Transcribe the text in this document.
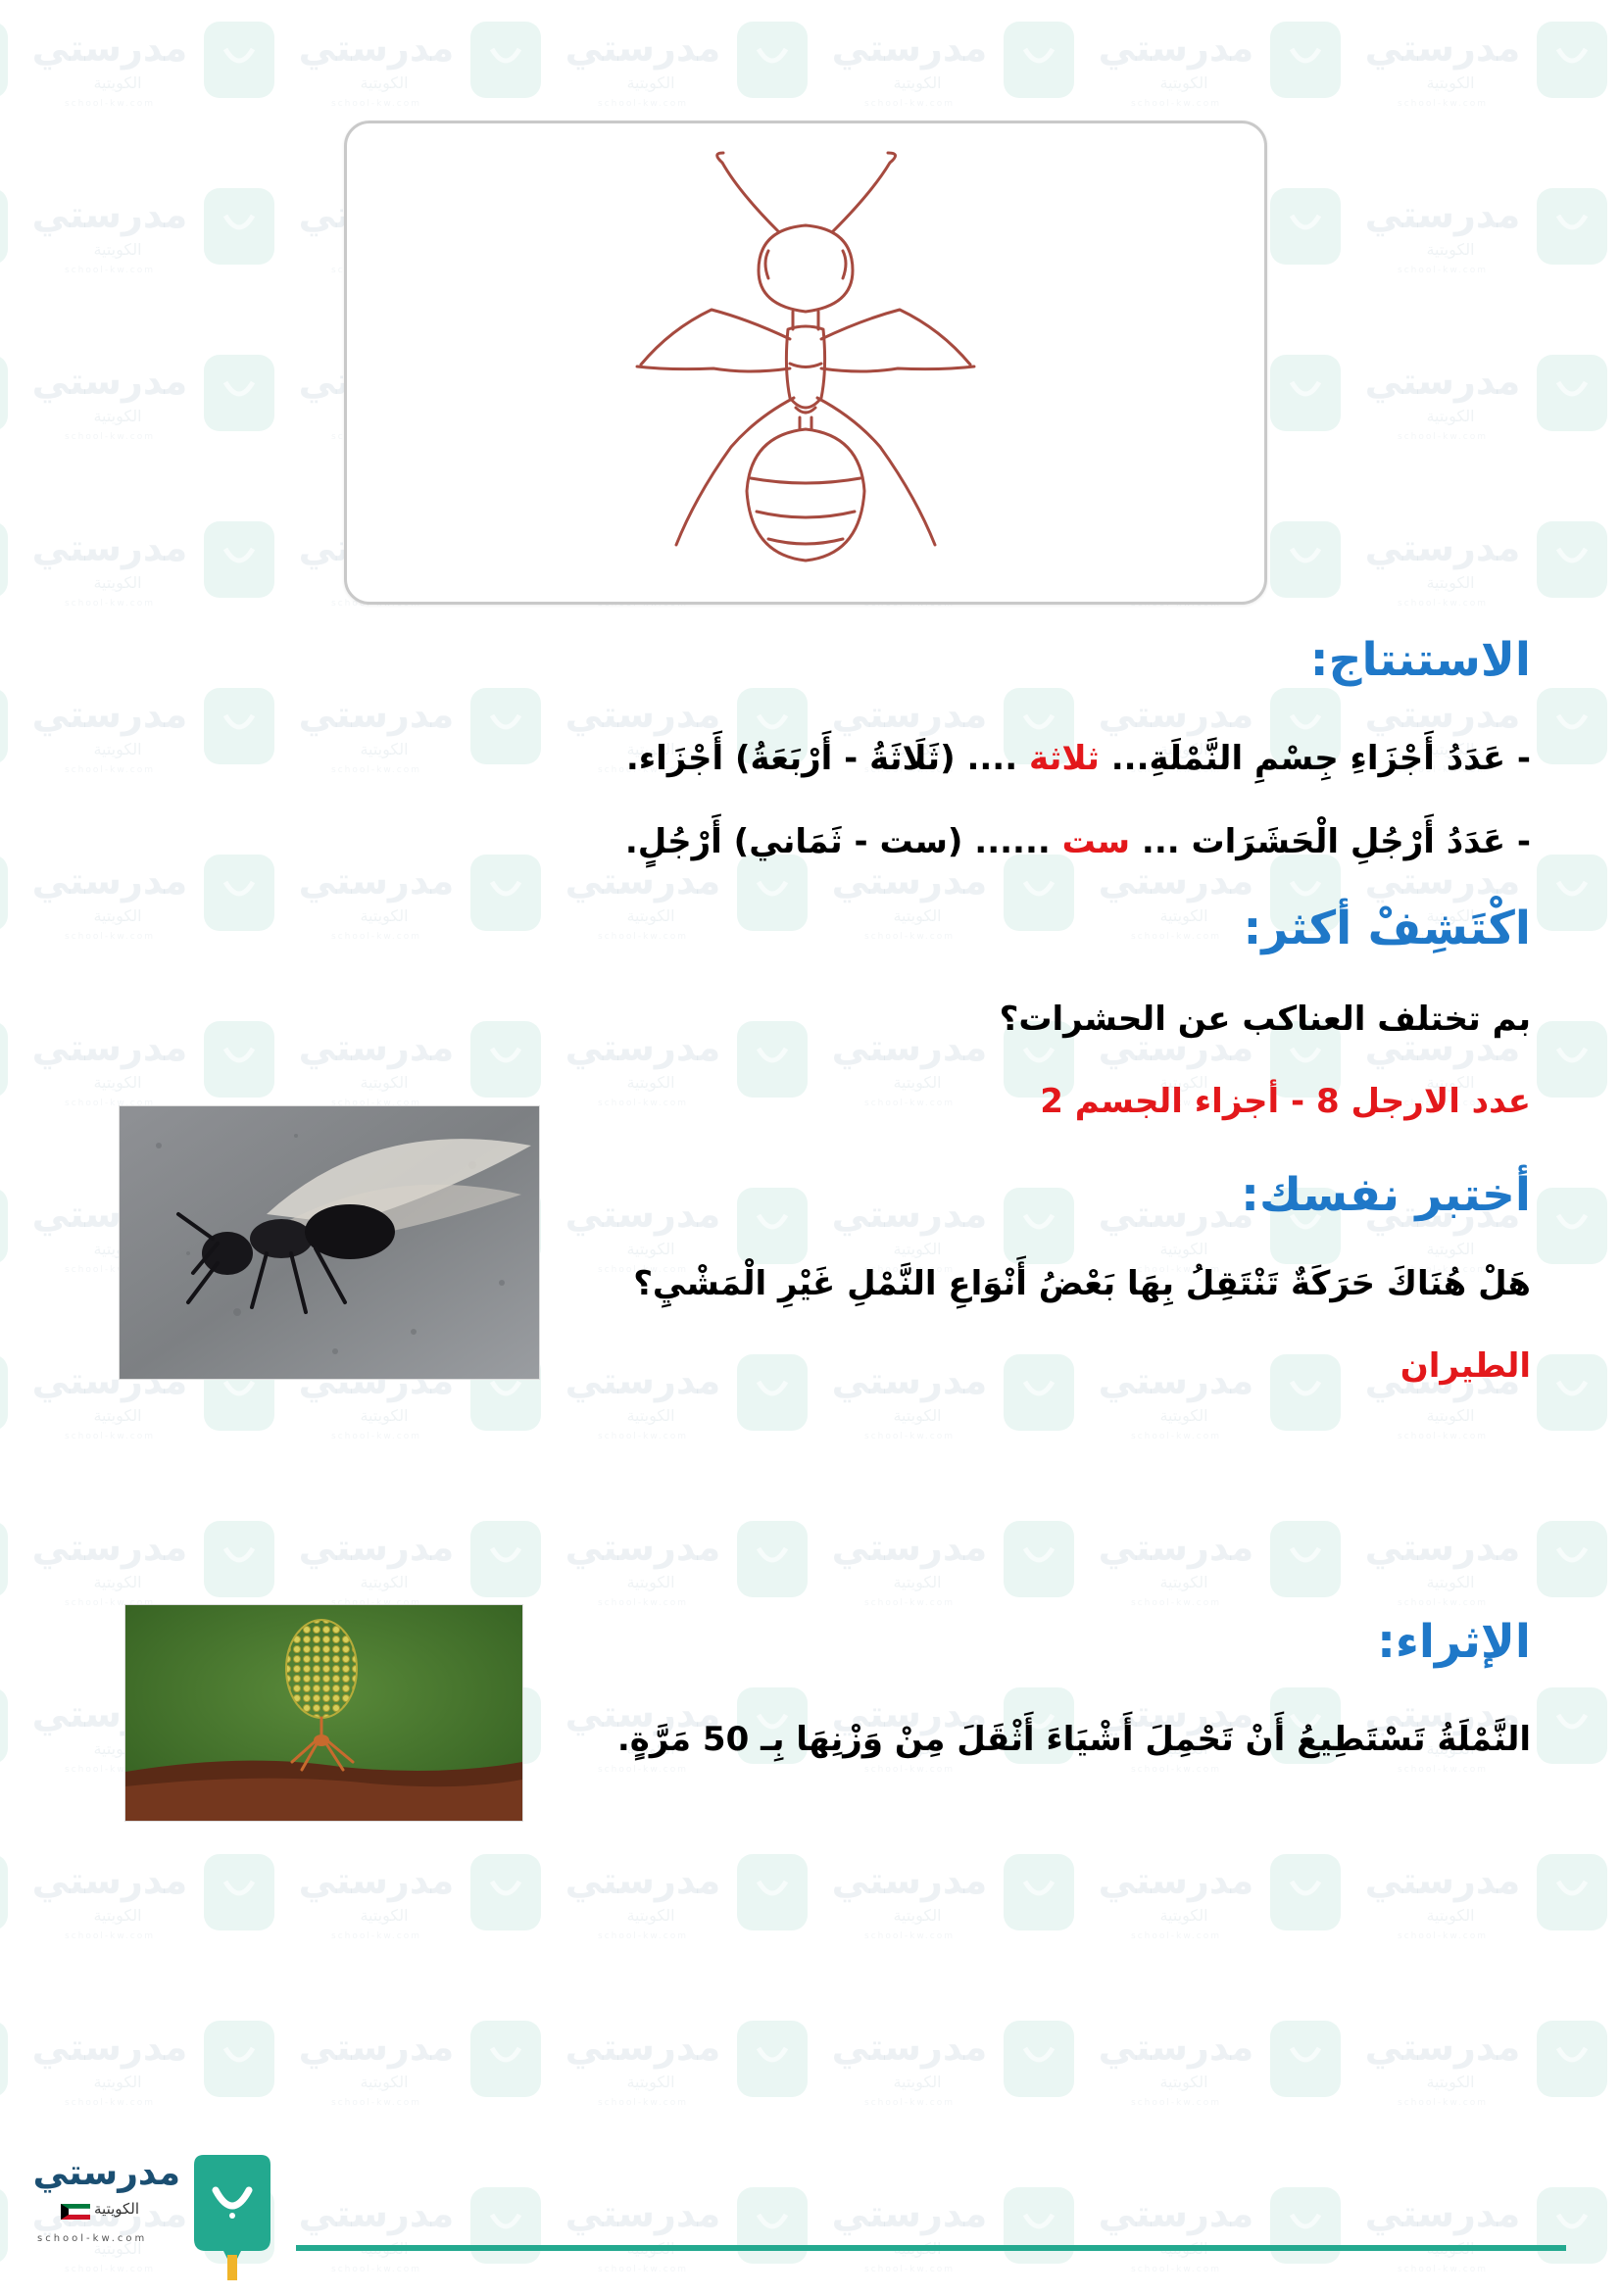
الاستنتاج:
- عَدَدُ أَجْزَاءِ جِسْمِ النَّمْلَةِ... ثلاثة .... (ثَلَاثَةُ - أَرْبَعَةُ) أَجْزَاء.
- عَدَدُ أَرْجُلِ الْحَشَرَات ... ست ...... (ست - ثَمَاني) أَرْجُلٍ.
اكْتَشِفْ أكثر:
بم تختلف العناكب عن الحشرات؟
عدد الارجل 8 - أجزاء الجسم 2
أختبر نفسك:
هَلْ هُنَاكَ حَرَكَةٌ تَنْتَقِلُ بِهَا بَعْضُ أَنْوَاعِ النَّمْلِ غَيْرِ الْمَشْيِ؟
الطيران
الإثراء:
النَّمْلَةُ تَسْتَطِيعُ أَنْ تَحْمِلَ أَشْيَاءَ أَثْقَلَ مِنْ وَزْنِهَا بِـ 50 مَرَّةٍ.
مدرستي
الكويتية
school-kw.com
